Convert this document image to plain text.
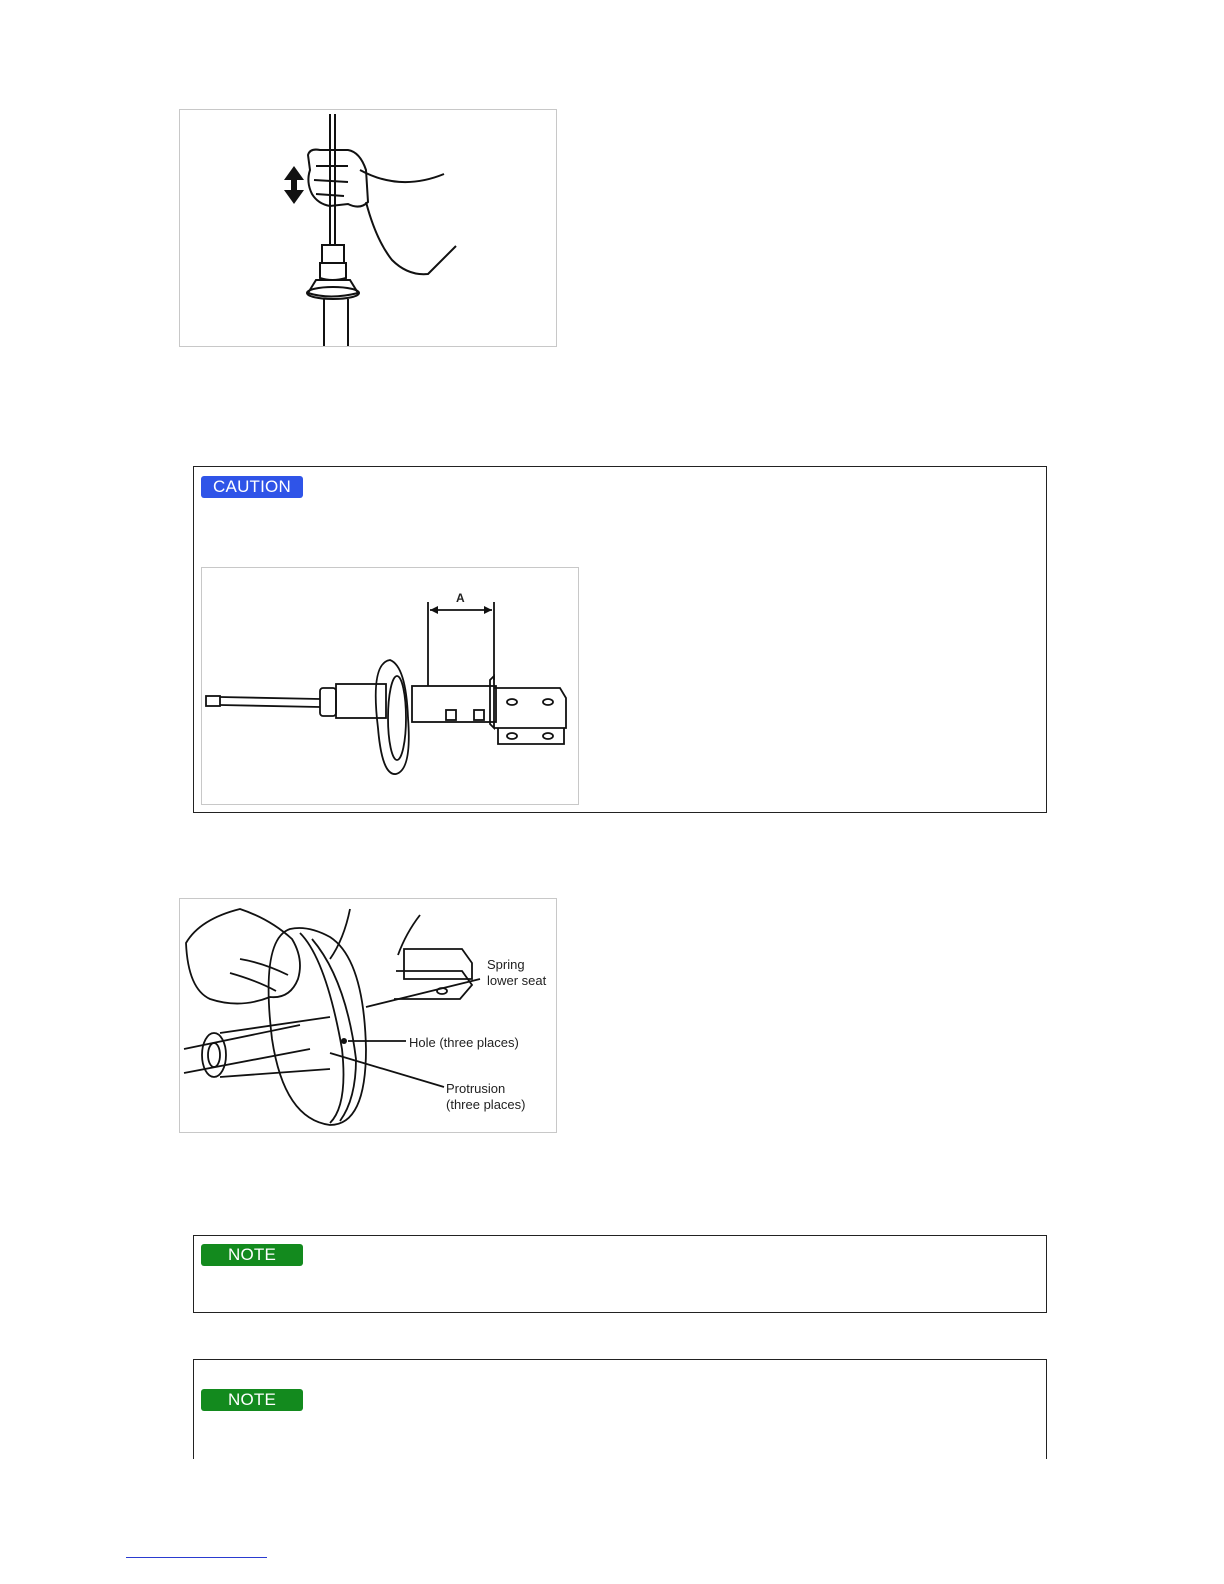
CAUTION
A
Spring
lower seat
Hole (three places)
Protrusion
(three places)
NOTE
NOTE
